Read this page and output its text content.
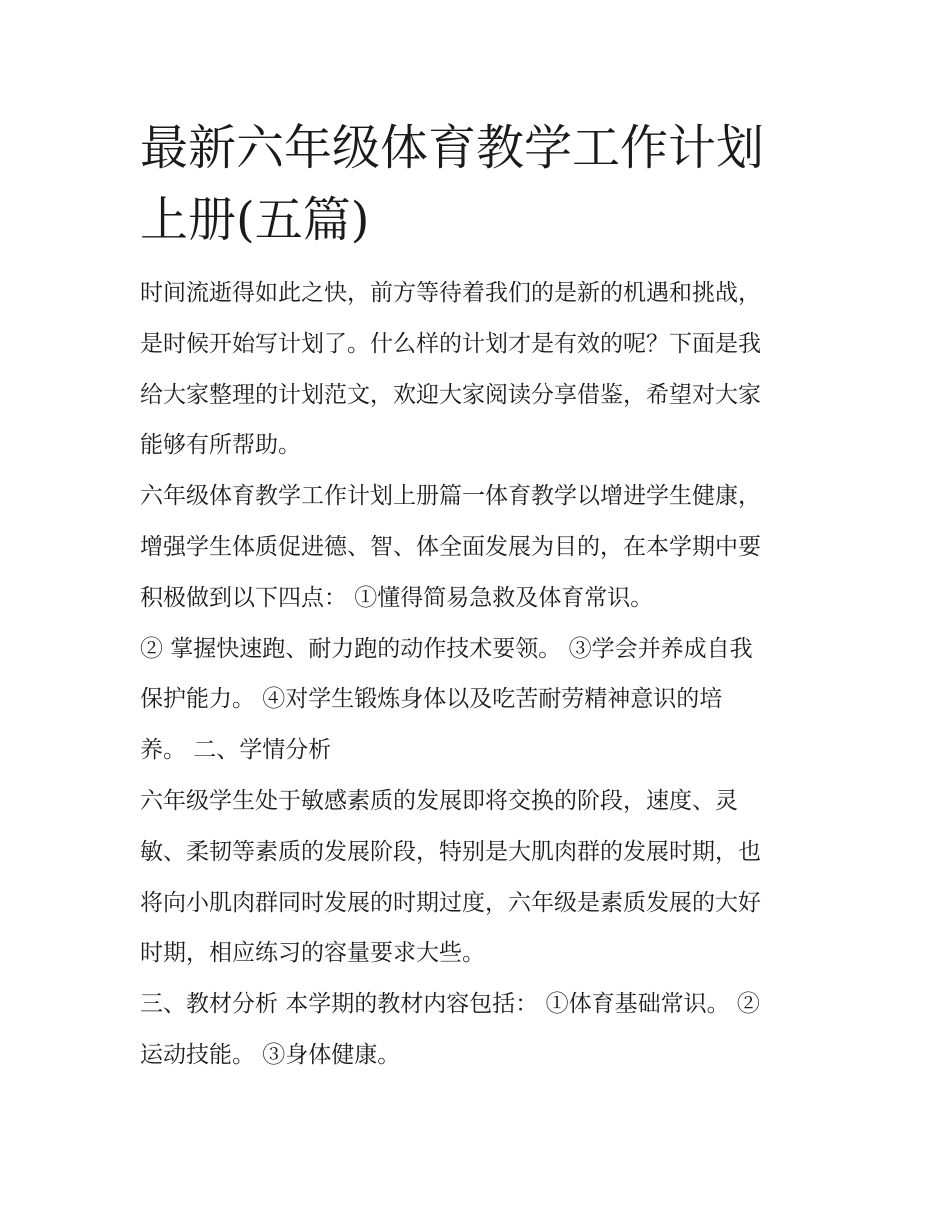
最新六年级体育教学工作计划
上册(五篇)
时间流逝得如此之快，前方等待着我们的是新的机遇和挑战，
是时候开始写计划了。什么样的计划才是有效的呢？下面是我
给大家整理的计划范文，欢迎大家阅读分享借鉴，希望对大家
能够有所帮助。
六年级体育教学工作计划上册篇一体育教学以增进学生健康，
增强学生体质促进德、智、体全面发展为目的，在本学期中要
积极做到以下四点： ①懂得简易急救及体育常识。
② 掌握快速跑、耐力跑的动作技术要领。 ③学会并养成自我
保护能力。 ④对学生锻炼身体以及吃苦耐劳精神意识的培
养。 二、学情分析
六年级学生处于敏感素质的发展即将交换的阶段，速度、灵
敏、柔韧等素质的发展阶段，特别是大肌肉群的发展时期，也
将向小肌肉群同时发展的时期过度，六年级是素质发展的大好
时期，相应练习的容量要求大些。
三、教材分析 本学期的教材内容包括： ①体育基础常识。 ②
运动技能。 ③身体健康。
